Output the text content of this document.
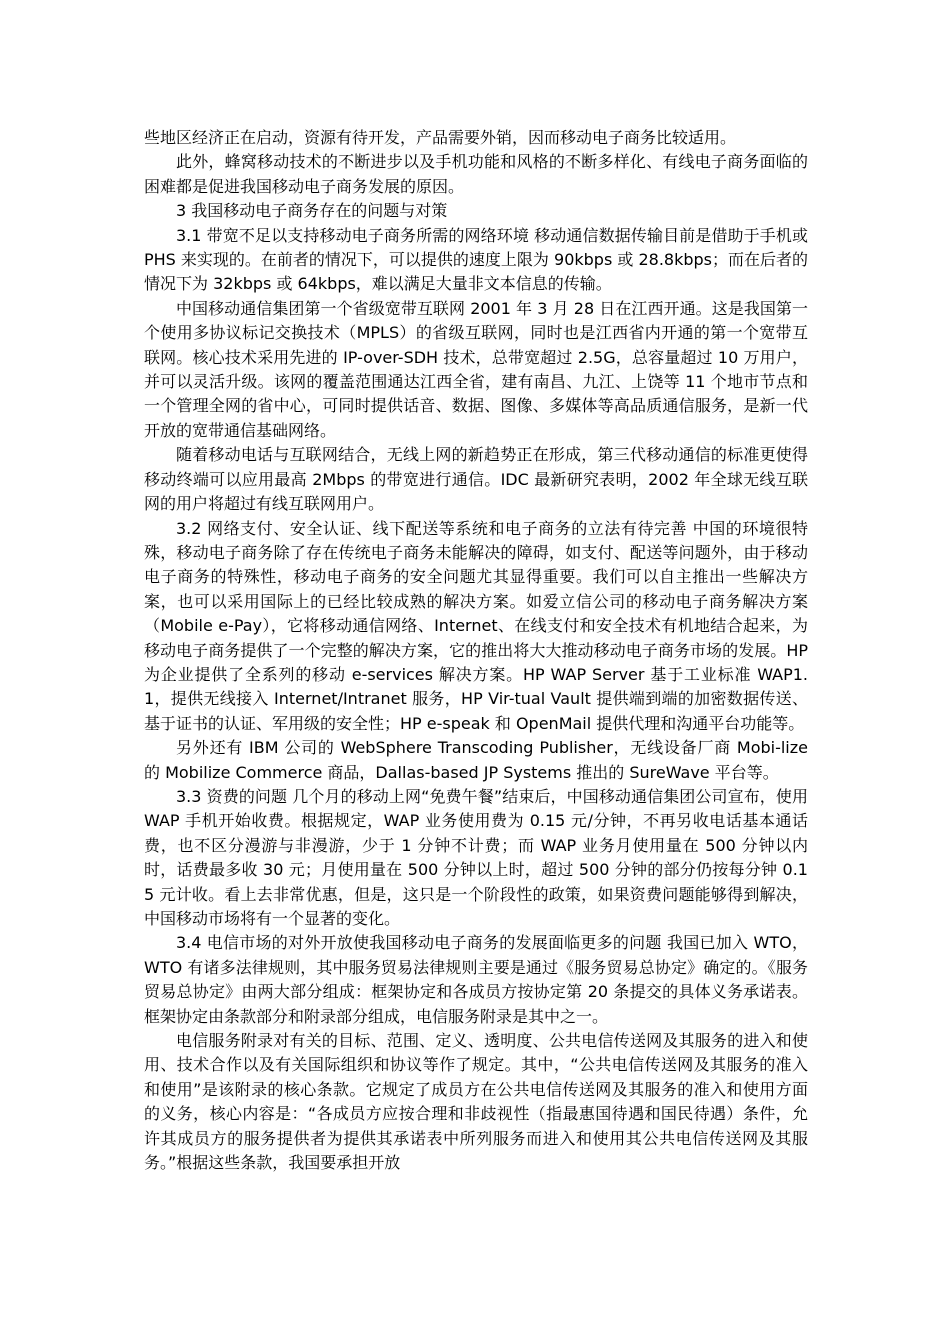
些地区经济正在启动，资源有待开发，产品需要外销，因而移动电子商务比较适用。

此外，蜂窝移动技术的不断进步以及手机功能和风格的不断多样化、有线电子商务面临的困难都是促进我国移动电子商务发展的原因。

3 我国移动电子商务存在的问题与对策

3.1 带宽不足以支持移动电子商务所需的网络环境 移动通信数据传输目前是借助于手机或 PHS 来实现的。在前者的情况下，可以提供的速度上限为 90kbps 或 28.8kbps；而在后者的情况下为 32kbps 或 64kbps，难以满足大量非文本信息的传输。

中国移动通信集团第一个省级宽带互联网 2001 年 3 月 28 日在江西开通。这是我国第一个使用多协议标记交换技术（MPLS）的省级互联网，同时也是江西省内开通的第一个宽带互联网。核心技术采用先进的 IP-over-SDH 技术，总带宽超过 2.5G，总容量超过 10 万用户，并可以灵活升级。该网的覆盖范围通达江西全省，建有南昌、九江、上饶等 11 个地市节点和一个管理全网的省中心，可同时提供话音、数据、图像、多媒体等高品质通信服务，是新一代开放的宽带通信基础网络。

随着移动电话与互联网结合，无线上网的新趋势正在形成，第三代移动通信的标准更使得移动终端可以应用最高 2Mbps 的带宽进行通信。IDC 最新研究表明，2002 年全球无线互联网的用户将超过有线互联网用户。

3.2 网络支付、安全认证、线下配送等系统和电子商务的立法有待完善 中国的环境很特殊，移动电子商务除了存在传统电子商务未能解决的障碍，如支付、配送等问题外，由于移动电子商务的特殊性，移动电子商务的安全问题尤其显得重要。我们可以自主推出一些解决方案，也可以采用国际上的已经比较成熟的解决方案。如爱立信公司的移动电子商务解决方案（Mobile e-Pay），它将移动通信网络、Internet、在线支付和安全技术有机地结合起来，为移动电子商务提供了一个完整的解决方案，它的推出将大大推动移动电子商务市场的发展。HP 为企业提供了全系列的移动 e-services 解决方案。HP WAP Server 基于工业标准 WAP1.1，提供无线接入 Internet/Intranet 服务，HP Vir-tual Vault 提供端到端的加密数据传送、基于证书的认证、军用级的安全性；HP e-speak 和 OpenMail 提供代理和沟通平台功能等。

另外还有 IBM 公司的 WebSphere Transcoding Publisher，无线设备厂商 Mobi-lize 的 Mobilize Commerce 商品，Dallas-based JP Systems 推出的 SureWave 平台等。

3.3 资费的问题 几个月的移动上网“免费午餐”结束后，中国移动通信集团公司宣布，使用 WAP 手机开始收费。根据规定，WAP 业务使用费为 0.15 元/分钟，不再另收电话基本通话费，也不区分漫游与非漫游，少于 1 分钟不计费；而 WAP 业务月使用量在 500 分钟以内时，话费最多收 30 元；月使用量在 500 分钟以上时，超过 500 分钟的部分仍按每分钟 0.15 元计收。看上去非常优惠，但是，这只是一个阶段性的政策，如果资费问题能够得到解决，中国移动市场将有一个显著的变化。

3.4 电信市场的对外开放使我国移动电子商务的发展面临更多的问题 我国已加入 WTO，WTO 有诸多法律规则，其中服务贸易法律规则主要是通过《服务贸易总协定》确定的。《服务贸易总协定》由两大部分组成：框架协定和各成员方按协定第 20 条提交的具体义务承诺表。框架协定由条款部分和附录部分组成，电信服务附录是其中之一。

电信服务附录对有关的目标、范围、定义、透明度、公共电信传送网及其服务的进入和使用、技术合作以及有关国际组织和协议等作了规定。其中，“公共电信传送网及其服务的准入和使用”是该附录的核心条款。它规定了成员方在公共电信传送网及其服务的准入和使用方面的义务，核心内容是：“各成员方应按合理和非歧视性（指最惠国待遇和国民待遇）条件，允许其成员方的服务提供者为提供其承诺表中所列服务而进入和使用其公共电信传送网及其服务。”根据这些条款，我国要承担开放
